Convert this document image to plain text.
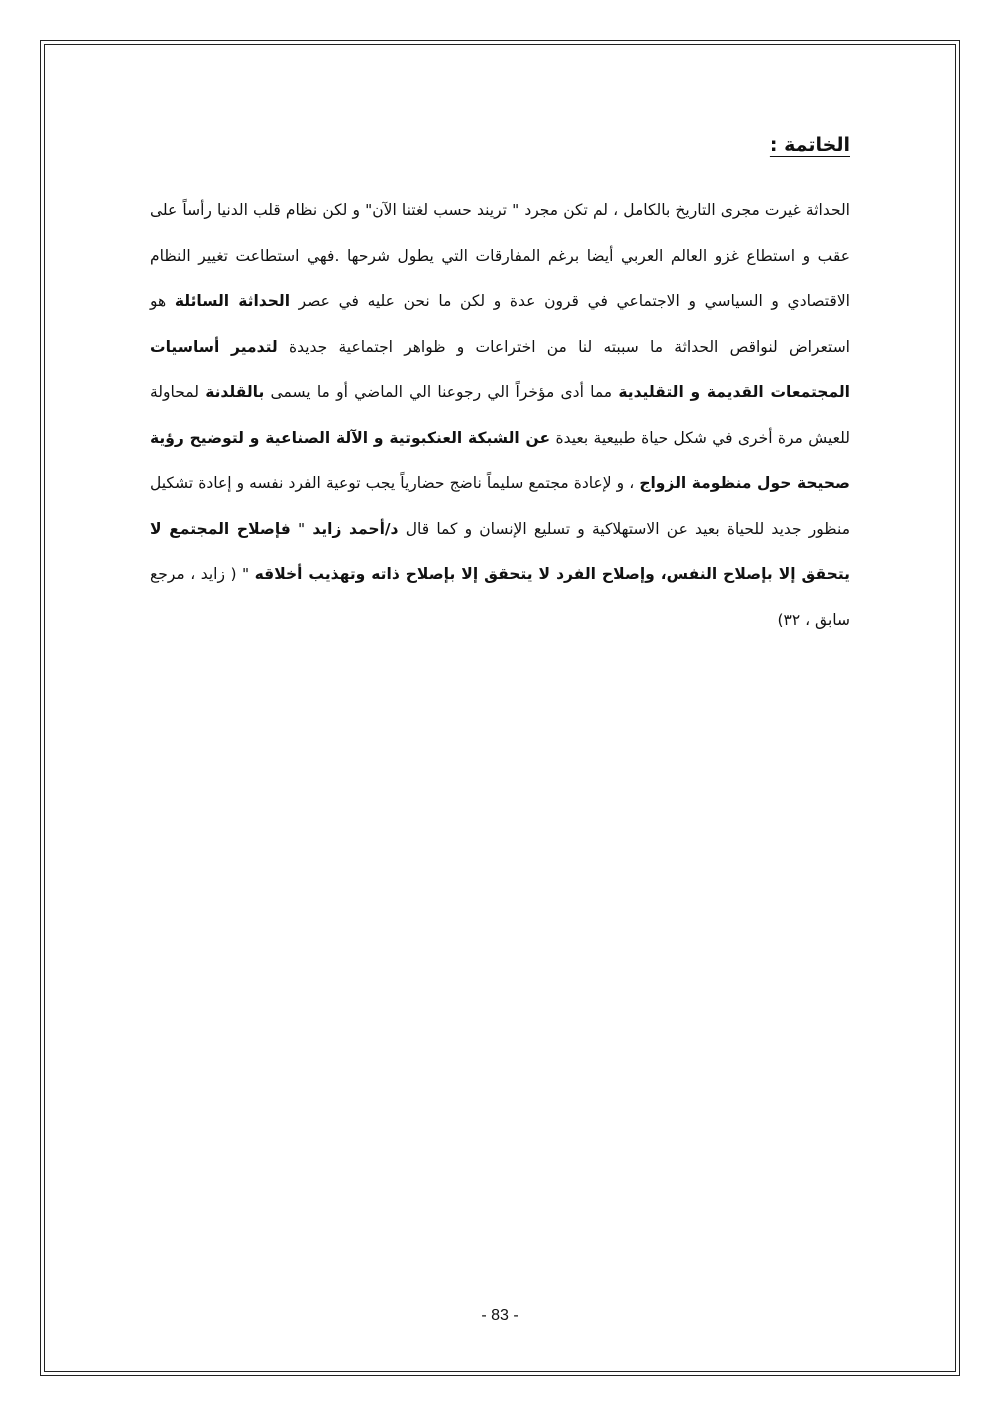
الخاتمة :

الحداثة غيرت مجرى التاريخ بالكامل ، لم تكن مجرد " تريند حسب لغتنا الآن" و لكن نظام قلب الدنيا رأساً على عقب و استطاع غزو العالم العربي أيضا برغم المفارقات التي يطول شرحها .فهي استطاعت تغيير النظام الاقتصادي و السياسي و الاجتماعي في قرون عدة و لكن ما نحن عليه في عصر الحداثة السائلة هو استعراض لنواقص الحداثة ما سببته لنا من اختراعات و ظواهر اجتماعية جديدة لتدمير أساسيات المجتمعات القديمة و التقليدية مما أدى مؤخراً الي رجوعنا الي الماضي أو ما يسمى بالقلدنة لمحاولة للعيش مرة أخرى في شكل حياة طبيعية بعيدة عن الشبكة العنكبوتية و الآلة الصناعية و لتوضيح رؤية صحيحة حول منظومة الزواج ، و لإعادة مجتمع سليماً ناضج حضارياً يجب توعية الفرد نفسه و إعادة تشكيل منظور جديد للحياة بعيد عن الاستهلاكية و تسليع الإنسان و كما قال د/أحمد زايد " فإصلاح المجتمع لا يتحقق إلا بإصلاح النفس، وإصلاح الفرد لا يتحقق إلا بإصلاح ذاته وتهذيب أخلاقه " ( زايد ، مرجع سابق ، ٣٢)

- 83 -
